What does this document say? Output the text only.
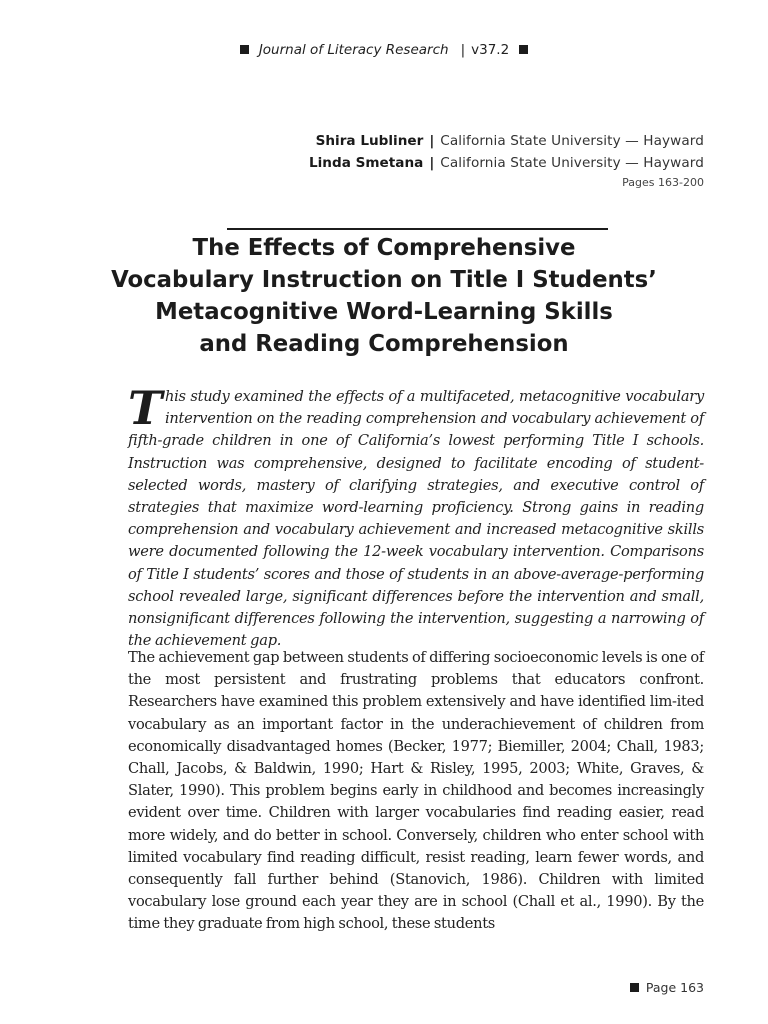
Journal of Literacy Research | v37.2
Shira Lubliner | California State University — Hayward
Linda Smetana | California State University — Hayward
Pages 163-200
The Effects of Comprehensive
Vocabulary Instruction on Title I Students’
Metacognitive Word-Learning Skills
and Reading Comprehension
This study examined the effects of a multifaceted, metacognitive vocabulary intervention on the reading comprehension and vocabulary achievement of fifth-grade children in one of California’s lowest performing Title I schools. Instruction was comprehensive, designed to facilitate encoding of student-selected words, mastery of clarifying strategies, and executive control of strategies that maximize word-learning proficiency. Strong gains in reading comprehension and vocabulary achievement and increased metacognitive skills were documented following the 12-week vocabulary intervention. Comparisons of Title I students’ scores and those of students in an above-average-performing school revealed large, significant differences before the intervention and small, nonsignificant differences following the intervention, suggesting a narrowing of the achievement gap.
The achievement gap between students of differing socioeconomic levels is one of the most persistent and frustrating problems that educators confront. Researchers have examined this problem extensively and have identified lim-ited vocabulary as an important factor in the underachievement of children from economically disadvantaged homes (Becker, 1977; Biemiller, 2004; Chall, 1983; Chall, Jacobs, & Baldwin, 1990; Hart & Risley, 1995, 2003; White, Graves, & Slater, 1990). This problem begins early in childhood and becomes increasingly evident over time. Children with larger vocabularies find reading easier, read more widely, and do better in school. Conversely, children who enter school with limited vocabulary find reading difficult, resist reading, learn fewer words, and consequently fall further behind (Stanovich, 1986). Children with limited vocabulary lose ground each year they are in school (Chall et al., 1990). By the time they graduate from high school, these students
Page 163
